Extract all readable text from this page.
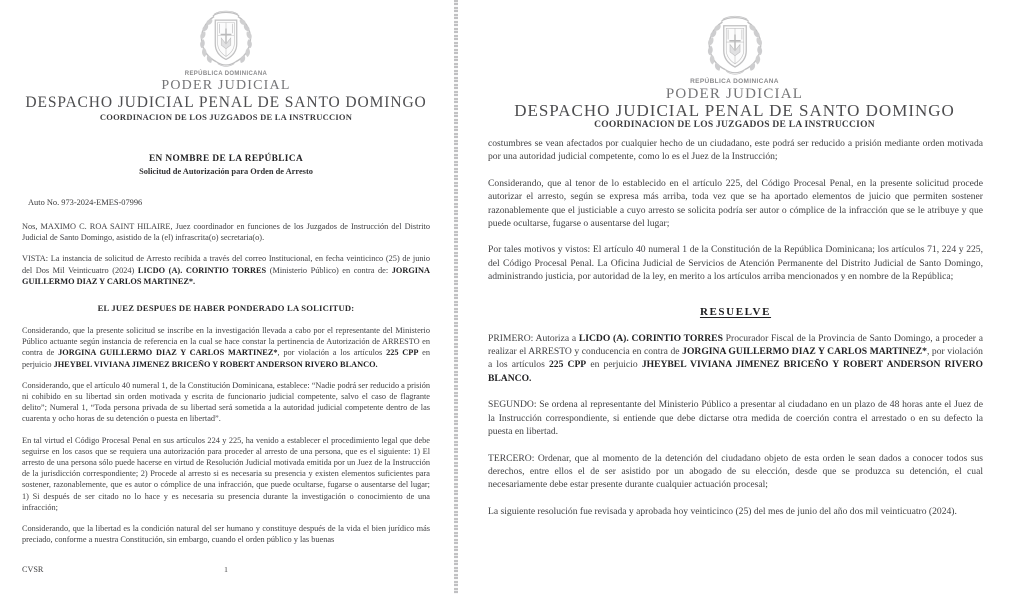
REPÚBLICA DOMINICANA
PODER JUDICIAL
DESPACHO JUDICIAL PENAL DE SANTO DOMINGO
COORDINACION DE LOS JUZGADOS DE LA INSTRUCCION

EN NOMBRE DE LA REPÚBLICA

Solicitud de Autorización para Orden de Arresto

Auto No. 973-2024-EMES-07996

Nos, MAXIMO C. ROA SAINT HILAIRE, Juez coordinador en funciones de los Juzgados de Instrucción del Distrito Judicial de Santo Domingo, asistido de la (el) infrascrita(o) secretaria(o).

VISTA: La instancia de solicitud de Arresto recibida a través del correo Institucional, en fecha veinticinco (25) de junio del Dos Mil Veinticuatro (2024) LICDO (A). CORINTIO TORRES (Ministerio Público) en contra de: JORGINA GUILLERMO DIAZ Y CARLOS MARTINEZ*.

EL JUEZ DESPUES DE HABER PONDERADO LA SOLICITUD:

Considerando, que la presente solicitud se inscribe en la investigación llevada a cabo por el representante del Ministerio Público actuante según instancia de referencia en la cual se hace constar la pertinencia de Autorización de ARRESTO en contra de JORGINA GUILLERMO DIAZ Y CARLOS MARTINEZ*, por violación a los artículos 225 CPP en perjuicio JHEYBEL VIVIANA JIMENEZ BRICEÑO Y ROBERT ANDERSON RIVERO BLANCO.

Considerando, que el artículo 40 numeral 1, de la Constitución Dominicana, establece: “Nadie podrá ser reducido a prisión ni cohibido en su libertad sin orden motivada y escrita de funcionario judicial competente, salvo el caso de flagrante delito”; Numeral 1, “Toda persona privada de su libertad será sometida a la autoridad judicial competente dentro de las cuarenta y ocho horas de su detención o puesta en libertad”.

En tal virtud el Código Procesal Penal en sus artículos 224 y 225, ha venido a establecer el procedimiento legal que debe seguirse en los casos que se requiera una autorización para proceder al arresto de una persona, que es el siguiente: 1) El arresto de una persona sólo puede hacerse en virtud de Resolución Judicial motivada emitida por un Juez de la Instrucción de la jurisdicción correspondiente; 2) Procede al arresto si es necesaria su presencia y existen elementos suficientes para sostener, razonablemente, que es autor o cómplice de una infracción, que puede ocultarse, fugarse o ausentarse del lugar; 1) Si después de ser citado no lo hace y es necesaria su presencia durante la investigación o conocimiento de una infracción;

Considerando, que la libertad es la condición natural del ser humano y constituye después de la vida el bien jurídico más preciado, conforme a nuestra Constitución, sin embargo, cuando el orden público y las buenas

CVSR	1
REPÚBLICA DOMINICANA
PODER JUDICIAL
DESPACHO JUDICIAL PENAL DE SANTO DOMINGO
COORDINACION DE LOS JUZGADOS DE LA INSTRUCCION

costumbres se vean afectados por cualquier hecho de un ciudadano, este podrá ser reducido a prisión mediante orden motivada por una autoridad judicial competente, como lo es el Juez de la Instrucción;

Considerando, que al tenor de lo establecido en el artículo 225, del Código Procesal Penal, en la presente solicitud procede autorizar el arresto, según se expresa más arriba, toda vez que se ha aportado elementos de juicio que permiten sostener razonablemente que el justiciable a cuyo arresto se solicita podría ser autor o cómplice de la infracción que se le atribuye y que puede ocultarse, fugarse o ausentarse del lugar;

Por tales motivos y vistos: El artículo 40 numeral 1 de la Constitución de la República Dominicana; los artículos 71, 224 y 225, del Código Procesal Penal. La Oficina Judicial de Servicios de Atención Permanente del Distrito Judicial de Santo Domingo, administrando justicia, por autoridad de la ley, en merito a los artículos arriba mencionados y en nombre de la República;

RESUELVE

PRIMERO: Autoriza a LICDO (A). CORINTIO TORRES Procurador Fiscal de la Provincia de Santo Domingo, a proceder a realizar el ARRESTO y conducencia en contra de JORGINA GUILLERMO DIAZ Y CARLOS MARTINEZ*, por violación a los artículos 225 CPP en perjuicio JHEYBEL VIVIANA JIMENEZ BRICEÑO Y ROBERT ANDERSON RIVERO BLANCO.

SEGUNDO: Se ordena al representante del Ministerio Público a presentar al ciudadano en un plazo de 48 horas ante el Juez de la Instrucción correspondiente, si entiende que debe dictarse otra medida de coerción contra el arrestado o en su defecto la puesta en libertad.

TERCERO: Ordenar, que al momento de la detención del ciudadano objeto de esta orden le sean dados a conocer todos sus derechos, entre ellos el de ser asistido por un abogado de su elección, desde que se produzca su detención, el cual necesariamente debe estar presente durante cualquier actuación procesal;

La siguiente resolución fue revisada y aprobada hoy veinticinco (25) del mes de junio del año dos mil veinticuatro (2024).
